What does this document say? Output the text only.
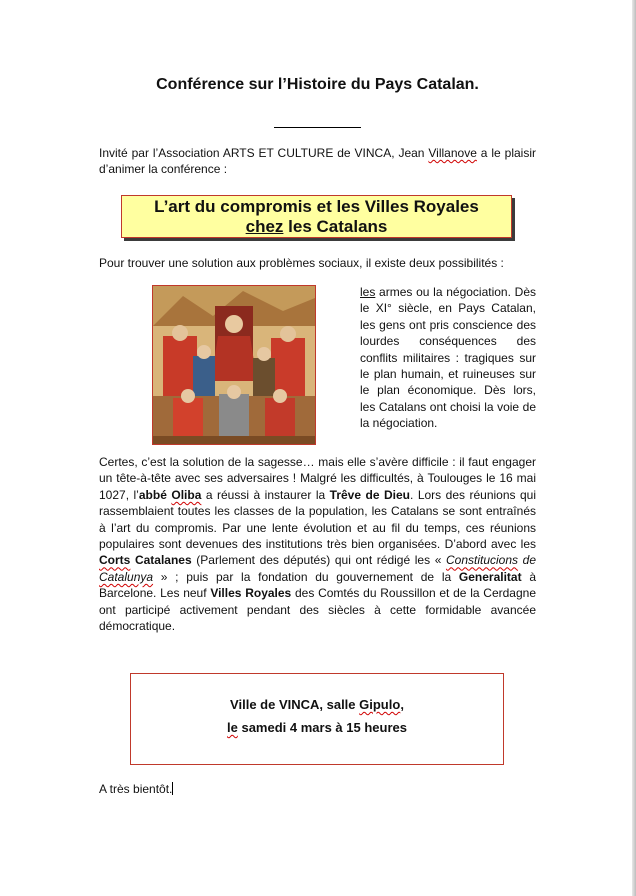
Conférence sur l’Histoire du Pays Catalan.
Invité par l’Association ARTS ET CULTURE de VINCA, Jean Villanove a le plaisir d’animer la conférence :
L’art du compromis et les Villes Royales
chez les Catalans
Pour trouver une solution aux problèmes sociaux, il existe deux possibilités :
les armes ou la négociation. Dès le XI° siècle, en Pays Catalan, les gens ont pris conscience des lourdes conséquences des conflits militaires : tragiques sur le plan humain, et ruineuses sur le plan économique. Dès lors, les Catalans ont choisi la voie de la négociation.
Certes, c’est la solution de la sagesse… mais elle s’avère difficile : il faut engager un tête-à-tête avec ses adversaires ! Malgré les difficultés, à Toulouges le 16 mai 1027, l’abbé Oliba a réussi à instaurer la Trêve de Dieu. Lors des réunions qui rassemblaient toutes les classes de la population, les Catalans se sont entraînés à l’art du compromis. Par une lente évolution et au fil du temps, ces réunions populaires sont devenues des institutions très bien organisées. D’abord avec les Corts Catalanes (Parlement des députés) qui ont rédigé les « Constitucions de Catalunya » ; puis par la fondation du gouvernement de la Generalitat à Barcelone. Les neuf Villes Royales des Comtés du Roussillon et de la Cerdagne ont participé activement pendant des siècles à cette formidable avancée démocratique.
Ville de VINCA, salle Gipulo,
le samedi 4 mars à 15 heures
A très bientôt.
